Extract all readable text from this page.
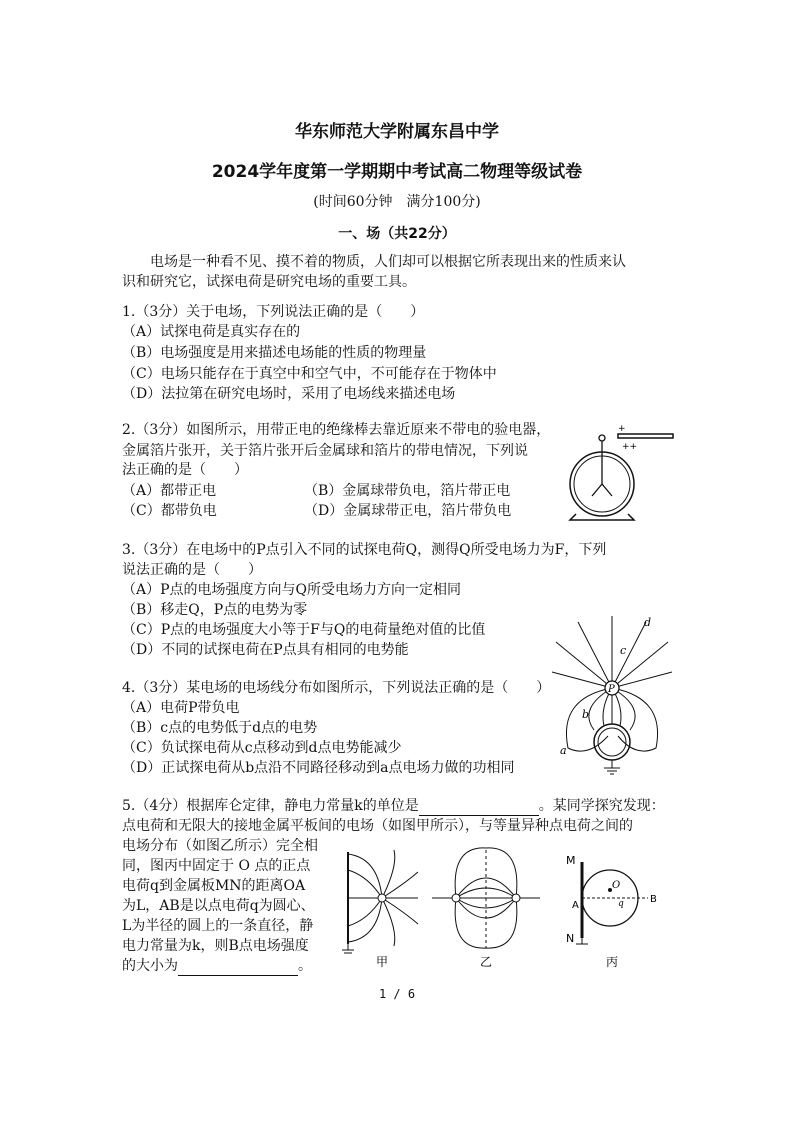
华东师范大学附属东昌中学
2024学年度第一学期期中考试高二物理等级试卷
(时间60分钟　满分100分)
一、场（共22分）
电场是一种看不见、摸不着的物质，人们却可以根据它所表现出来的性质来认
识和研究它，试探电荷是研究电场的重要工具。
1.（3分）关于电场，下列说法正确的是（　　）
（A）试探电荷是真实存在的
（B）电场强度是用来描述电场能的性质的物理量
（C）电场只能存在于真空中和空气中，不可能存在于物体中
（D）法拉第在研究电场时，采用了电场线来描述电场
2.（3分）如图所示，用带正电的绝缘棒去靠近原来不带电的验电器，
金属箔片张开，关于箔片张开后金属球和箔片的带电情况，下列说
法正确的是（　　）
（A）都带正电	（B）金属球带负电，箔片带正电
（C）都带负电	（D）金属球带正电，箔片带负电
+
++
3.（3分）在电场中的P点引入不同的试探电荷Q，测得Q所受电场力为F，下列
说法正确的是（　　）
（A）P点的电场强度方向与Q所受电场力方向一定相同
（B）移走Q，P点的电势为零
（C）P点的电场强度大小等于F与Q的电荷量绝对值的比值
（D）不同的试探电荷在P点具有相同的电势能
4.（3分）某电场的电场线分布如图所示，下列说法正确的是（　　）
（A）电荷P带负电
（B）c点的电势低于d点的电势
（C）负试探电荷从c点移动到d点电势能减少
（D）正试探电荷从b点沿不同路径移动到a点电场力做的功相同
P
a
b
c
d
5.（4分）根据库仑定律，静电力常量k的单位是	。某同学探究发现：
点电荷和无限大的接地金属平板间的电场（如图甲所示），与等量异种点电荷之间的
电场分布（如图乙所示）完全相
同，图丙中固定于 O 点的正点
电荷q到金属板MN的距离OA
为L，AB是以点电荷q为圆心、
L为半径的圆上的一条直径，静
电力常量为k，则B点电场强度
的大小为	。	甲	乙
M
N
O
A
B
q
丙
1 / 6
